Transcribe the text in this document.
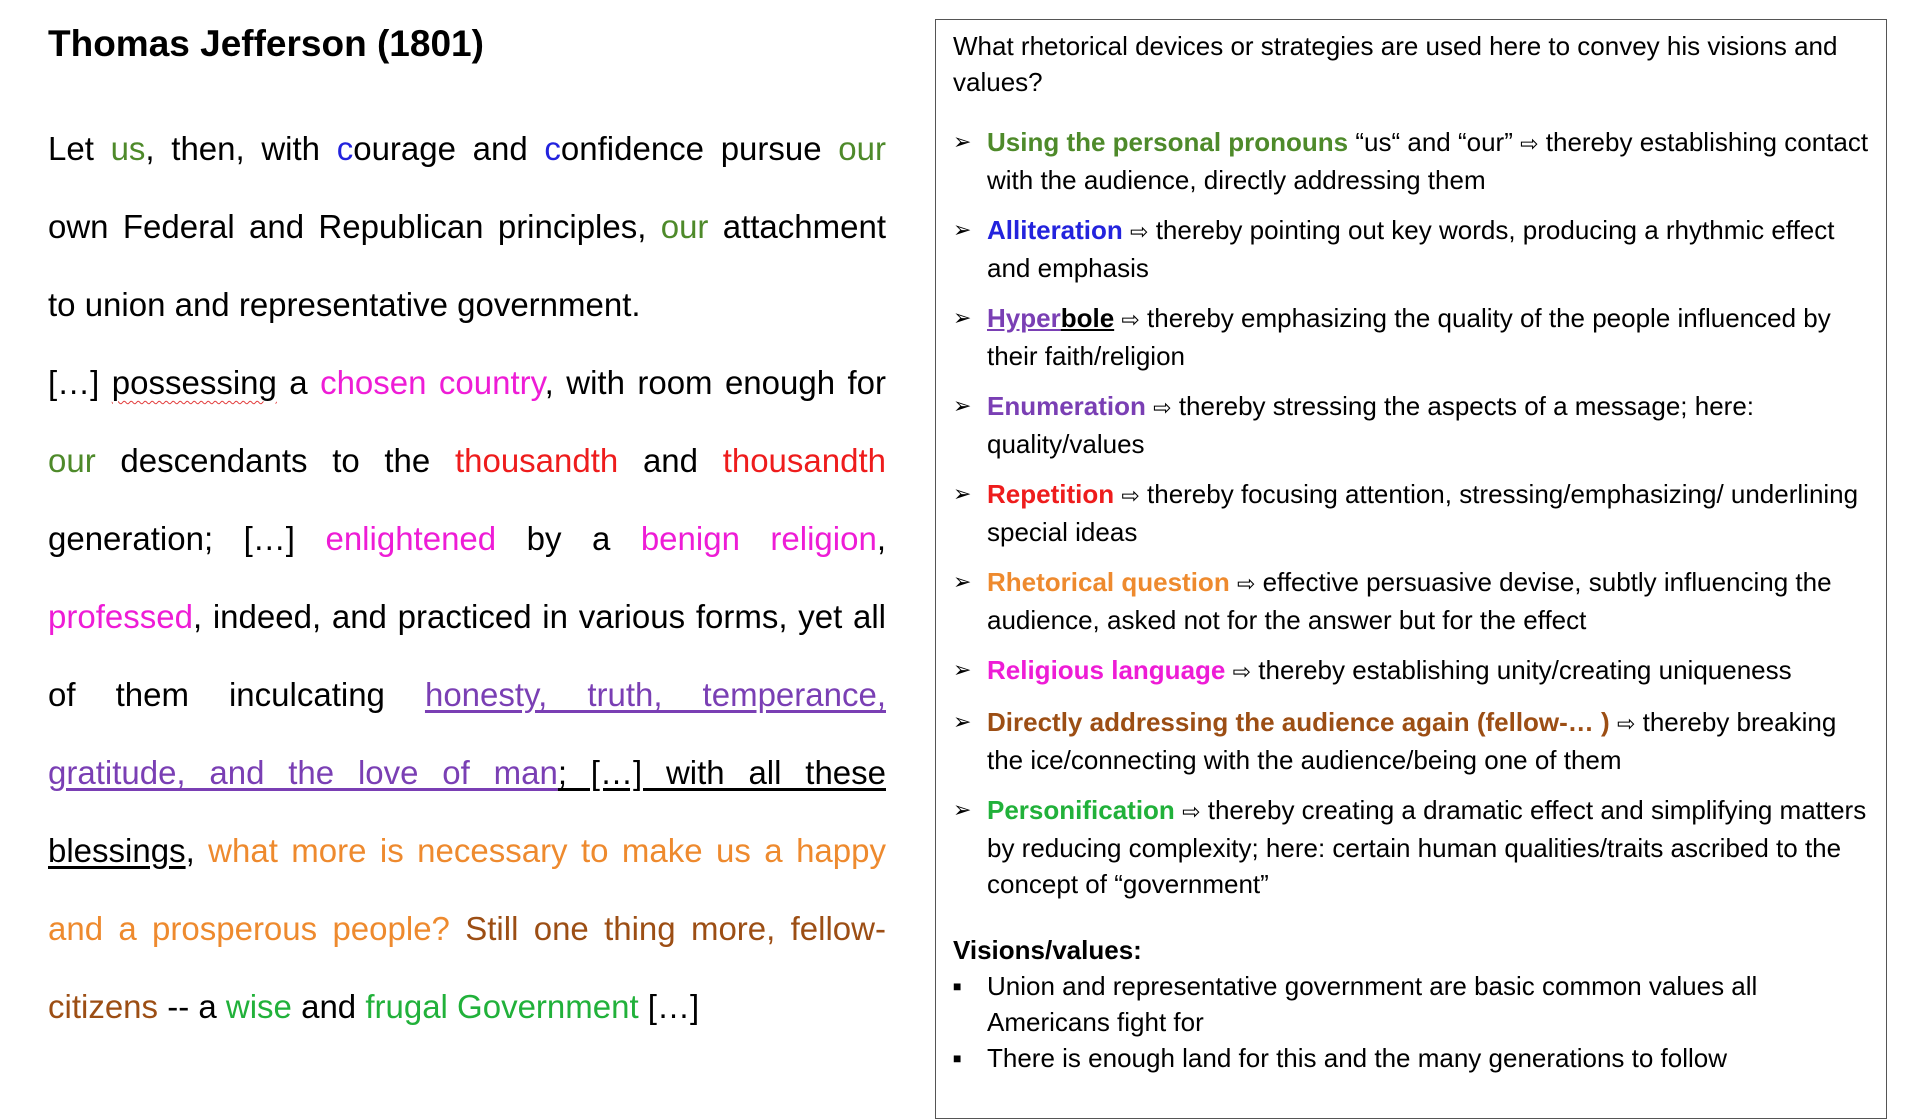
Thomas Jefferson (1801)
Let us, then, with courage and confidence pursue our
own Federal and Republican principles, our attachment
to union and representative government.
[…] possessing a chosen country, with room enough for
our descendants to the thousandth and thousandth
generation; […] enlightened by a benign religion,
professed, indeed, and practiced in various forms, yet all
of them inculcating honesty, truth, temperance,
gratitude, and the love of man; […] with all these
blessings, what more is necessary to make us a happy
and a prosperous people? Still one thing more, fellow-
citizens -- a wise and frugal Government […]
What rhetorical devices or strategies are used here to convey his visions and values?
➢ Using the personal pronouns “us“ and “our” ⇨ thereby establishing contact with the audience, directly addressing them
➢ Alliteration ⇨ thereby pointing out key words, producing a rhythmic effect and emphasis
➢ Hyperbole ⇨ thereby emphasizing the quality of the people influenced by their faith/religion
➢ Enumeration ⇨ thereby stressing the aspects of a message; here: quality/values
➢ Repetition ⇨ thereby focusing attention, stressing/emphasizing/ underlining special ideas
➢ Rhetorical question ⇨ effective persuasive devise, subtly influencing the audience, asked not for the answer but for the effect
➢ Religious language ⇨ thereby establishing unity/creating uniqueness
➢ Directly addressing the audience again (fellow-… ) ⇨ thereby breaking the ice/connecting with the audience/being one of them
➢ Personification ⇨ thereby creating a dramatic effect and simplifying matters by reducing complexity; here: certain human qualities/traits ascribed to the concept of “government”
Visions/values:
■ Union and representative government are basic common values all Americans fight for
■ There is enough land for this and the many generations to follow
